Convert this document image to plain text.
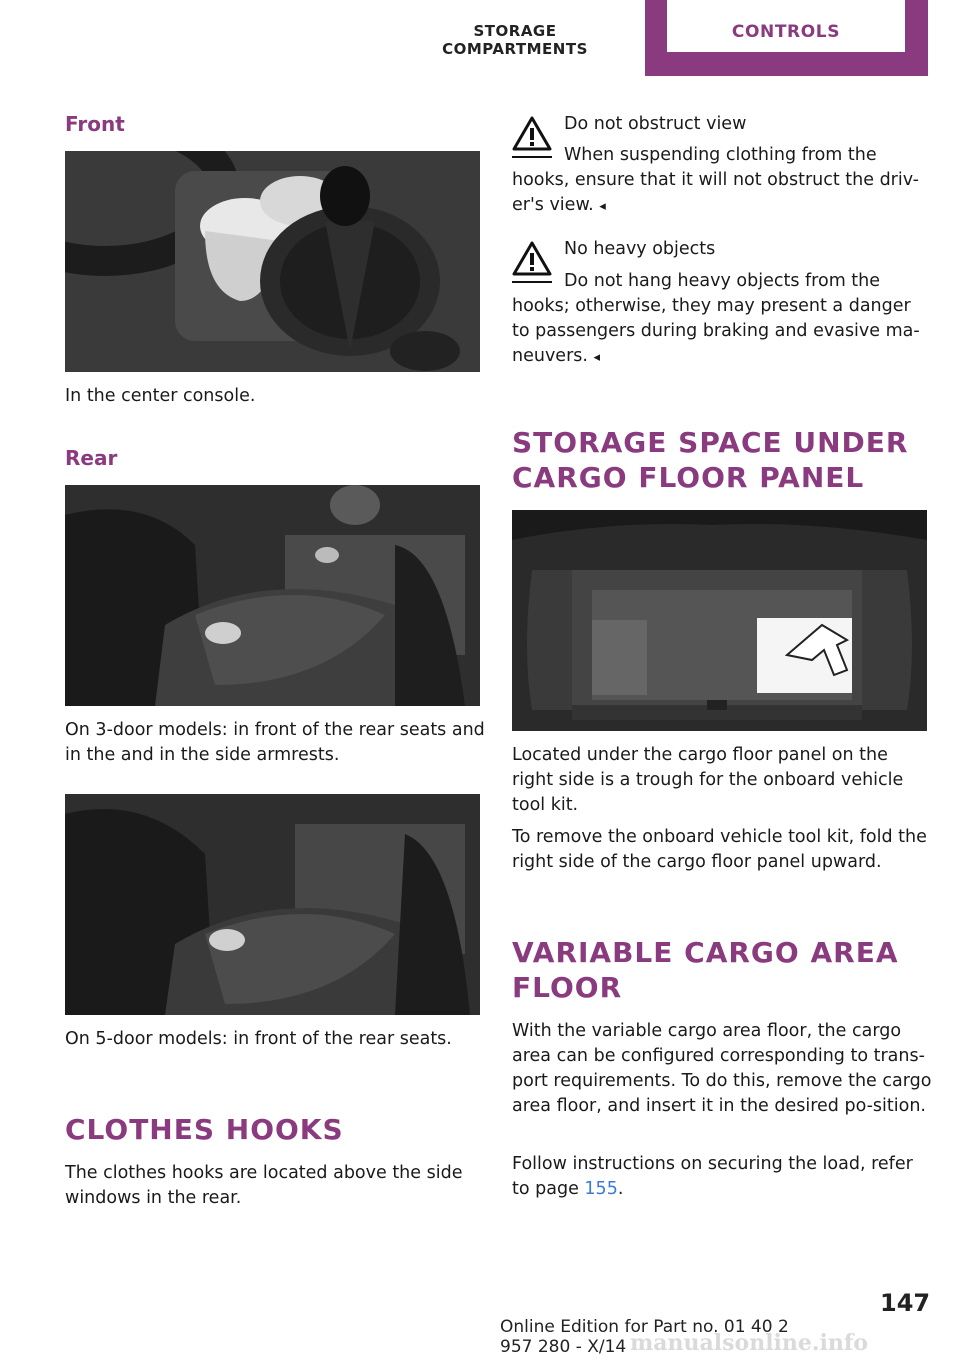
STORAGE COMPARTMENTS
CONTROLS
Front
In the center console.
Rear
On 3-door models: in front of the rear seats and in the and in the side armrests.
On 5-door models: in front of the rear seats.
CLOTHES HOOKS
The clothes hooks are located above the side windows in the rear.
Do not obstruct view
When suspending clothing from the
hooks, ensure that it will not obstruct the driv-er's view. ◂
No heavy objects
Do not hang heavy objects from the
hooks; otherwise, they may present a danger to passengers during braking and evasive ma-neuvers. ◂
STORAGE SPACE UNDER CARGO FLOOR PANEL
Located under the cargo floor panel on the right side is a trough for the onboard vehicle tool kit.
To remove the onboard vehicle tool kit, fold the right side of the cargo floor panel upward.
VARIABLE CARGO AREA FLOOR
With the variable cargo area floor, the cargo area can be configured corresponding to trans-port requirements. To do this, remove the cargo area floor, and insert it in the desired po-sition.
Follow instructions on securing the load, refer to page 155.
147
Online Edition for Part no. 01 40 2 957 280 - X/14 manualsonline.info
